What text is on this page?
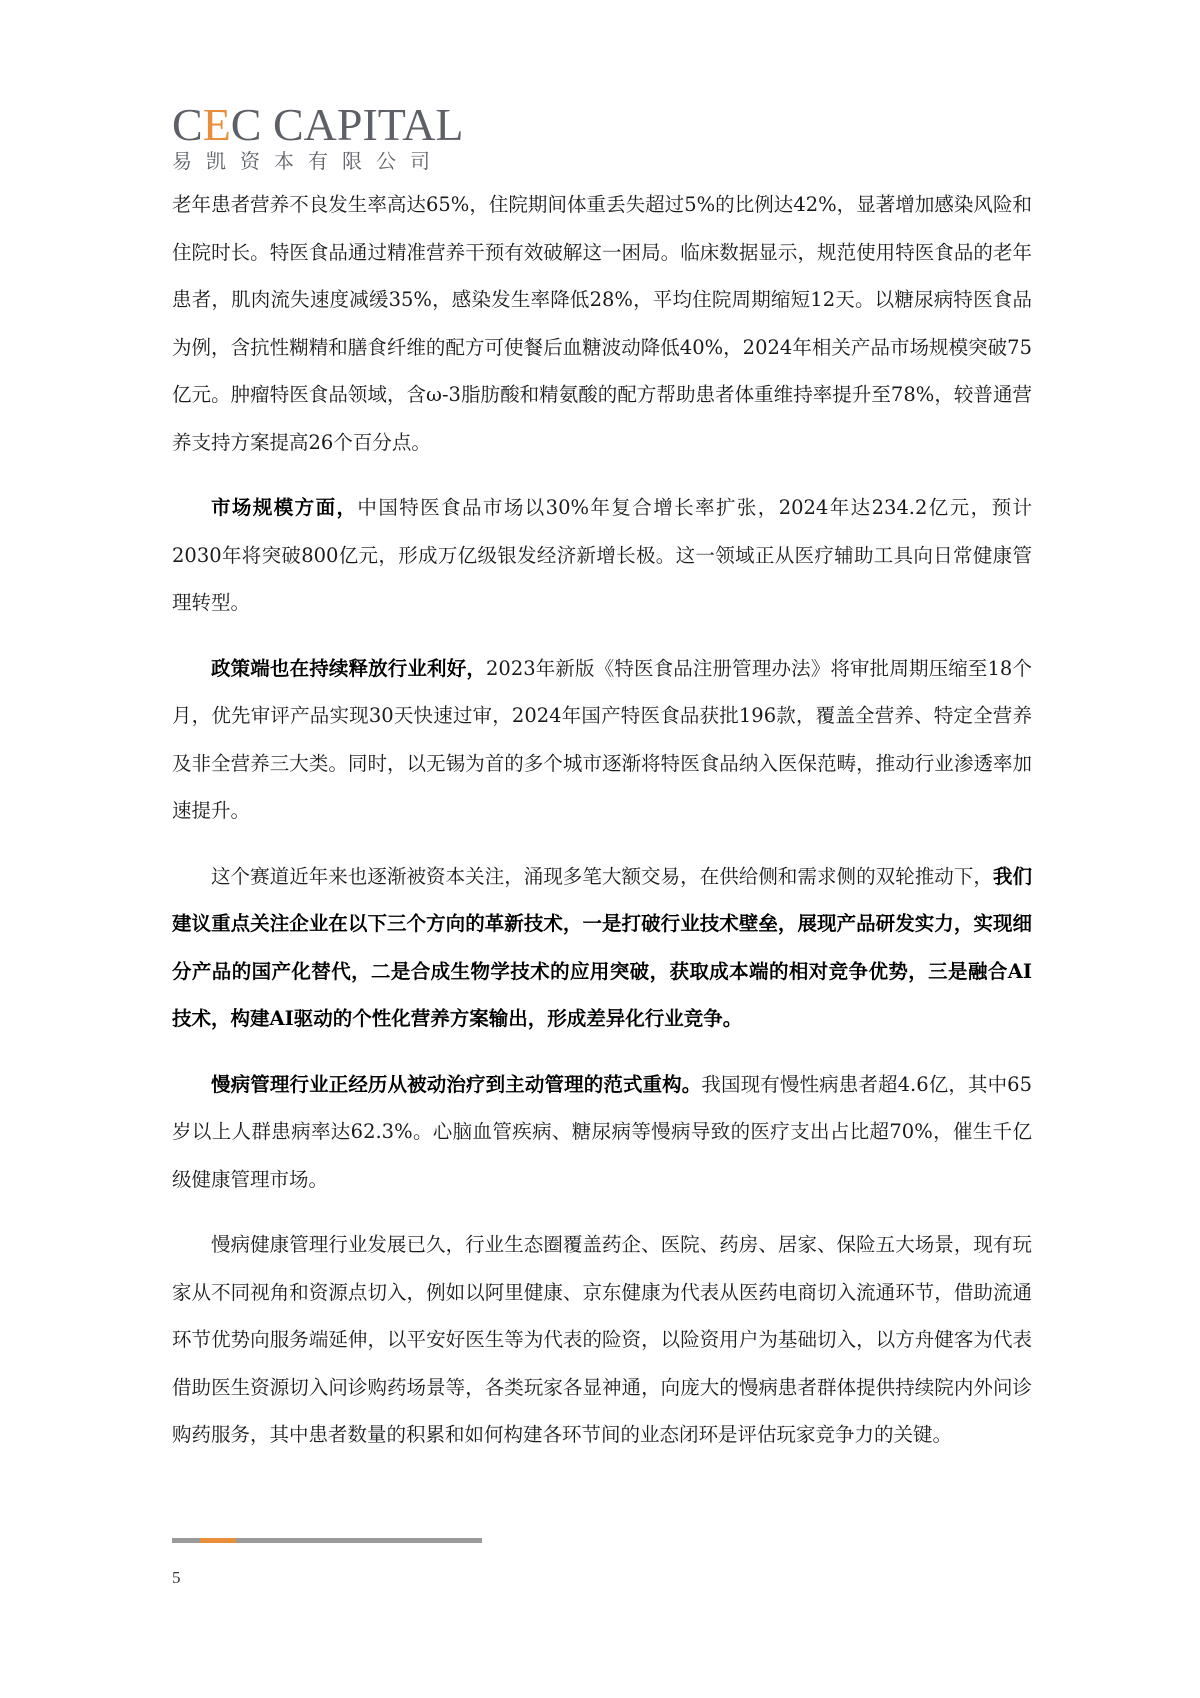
CEC CAPITAL
易凯资本有限公司

老年患者营养不良发生率高达65%，住院期间体重丢失超过5%的比例达42%，显著增加感染风险和住院时长。特医食品通过精准营养干预有效破解这一困局。临床数据显示，规范使用特医食品的老年患者，肌肉流失速度减缓35%，感染发生率降低28%，平均住院周期缩短12天。以糖尿病特医食品为例，含抗性糊精和膳食纤维的配方可使餐后血糖波动降低40%，2024年相关产品市场规模突破75亿元。肿瘤特医食品领域，含ω-3脂肪酸和精氨酸的配方帮助患者体重维持率提升至78%，较普通营养支持方案提高26个百分点。

市场规模方面，中国特医食品市场以30%年复合增长率扩张，2024年达234.2亿元，预计2030年将突破800亿元，形成万亿级银发经济新增长极。这一领域正从医疗辅助工具向日常健康管理转型。

政策端也在持续释放行业利好，2023年新版《特医食品注册管理办法》将审批周期压缩至18个月，优先审评产品实现30天快速过审，2024年国产特医食品获批196款，覆盖全营养、特定全营养及非全营养三大类。同时，以无锡为首的多个城市逐渐将特医食品纳入医保范畴，推动行业渗透率加速提升。

这个赛道近年来也逐渐被资本关注，涌现多笔大额交易，在供给侧和需求侧的双轮推动下，我们建议重点关注企业在以下三个方向的革新技术，一是打破行业技术壁垒，展现产品研发实力，实现细分产品的国产化替代，二是合成生物学技术的应用突破，获取成本端的相对竞争优势，三是融合AI技术，构建AI驱动的个性化营养方案输出，形成差异化行业竞争。

慢病管理行业正经历从被动治疗到主动管理的范式重构。我国现有慢性病患者超4.6亿，其中65岁以上人群患病率达62.3%。心脑血管疾病、糖尿病等慢病导致的医疗支出占比超70%，催生千亿级健康管理市场。

慢病健康管理行业发展已久，行业生态圈覆盖药企、医院、药房、居家、保险五大场景，现有玩家从不同视角和资源点切入，例如以阿里健康、京东健康为代表从医药电商切入流通环节，借助流通环节优势向服务端延伸，以平安好医生等为代表的险资，以险资用户为基础切入，以方舟健客为代表借助医生资源切入问诊购药场景等，各类玩家各显神通，向庞大的慢病患者群体提供持续院内外问诊购药服务，其中患者数量的积累和如何构建各环节间的业态闭环是评估玩家竞争力的关键。

5
